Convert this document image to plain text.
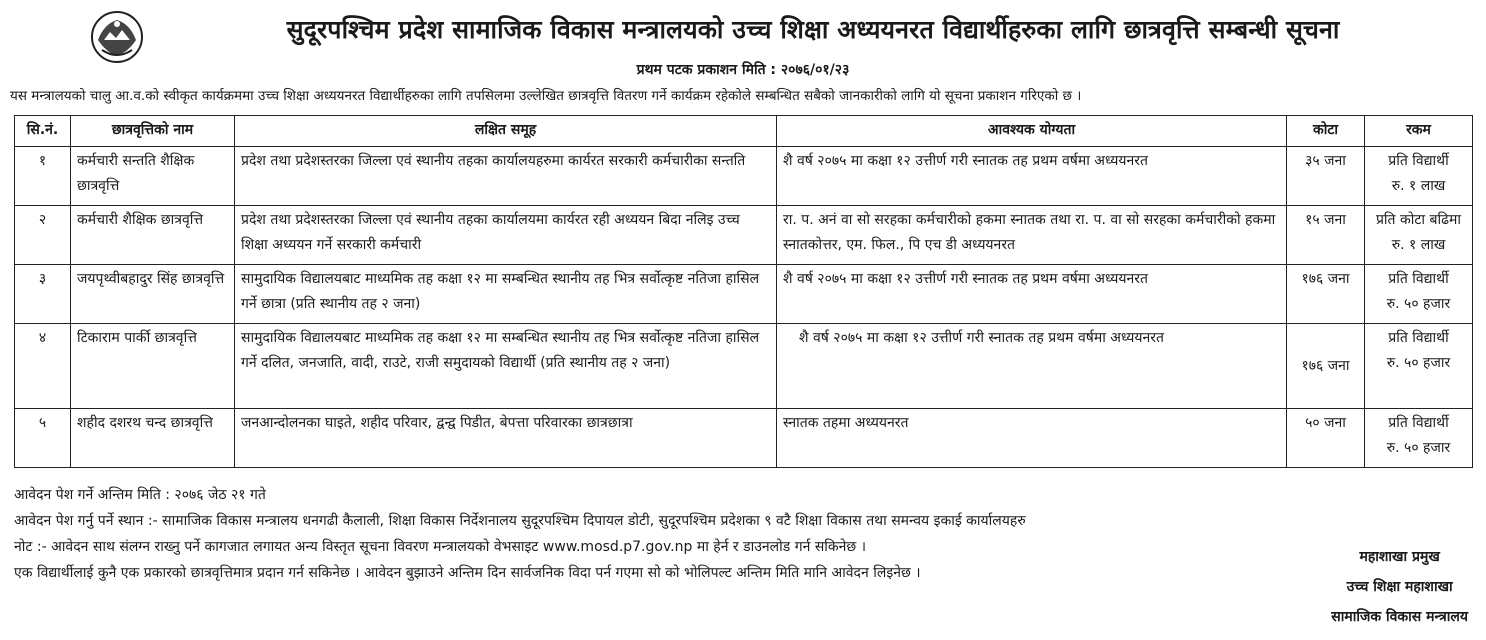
सुदूरपश्चिम प्रदेश सामाजिक विकास मन्त्रालयको उच्च शिक्षा अध्ययनरत विद्यार्थीहरुका लागि छात्रवृत्ति सम्बन्धी सूचना
प्रथम पटक प्रकाशन मिति : २०७६/०१/२३
यस मन्त्रालयको चालु आ.व.को स्वीकृत कार्यक्रममा उच्च शिक्षा अध्ययनरत विद्यार्थीहरुका लागि तपसिलमा उल्लेखित छात्रवृत्ति वितरण गर्ने कार्यक्रम रहेकोले सम्बन्धित सबैको जानकारीको लागि यो सूचना प्रकाशन गरिएको छ ।
सि.नं.	छात्रवृत्तिको नाम	लक्षित समूह	आवश्यक योग्यता	कोटा	रकम
१	कर्मचारी सन्तति शैक्षिक छात्रवृत्ति	प्रदेश तथा प्रदेशस्तरका जिल्ला एवं स्थानीय तहका कार्यालयहरुमा कार्यरत सरकारी कर्मचारीका सन्तति	शै वर्ष २०७५ मा कक्षा १२ उत्तीर्ण गरी स्नातक तह प्रथम वर्षमा अध्ययनरत	३५ जना	प्रति विद्यार्थी
रु. १ लाख

२	कर्मचारी शैक्षिक छात्रवृत्ति	प्रदेश तथा प्रदेशस्तरका जिल्ला एवं स्थानीय तहका कार्यालयमा कार्यरत रही अध्ययन बिदा नलिइ उच्च शिक्षा अध्ययन गर्ने सरकारी कर्मचारी	रा. प. अनं वा सो सरहका कर्मचारीको हकमा स्नातक तथा रा. प. वा सो सरहका कर्मचारीको हकमा स्नातकोत्तर, एम. फिल., पि एच डी अध्ययनरत	१५ जना	प्रति कोटा बढिमा
रु. १ लाख

३	जयपृथ्वीबहादुर सिंह छात्रवृत्ति	सामुदायिक विद्यालयबाट माध्यमिक तह कक्षा १२ मा सम्बन्धित स्थानीय तह भित्र सर्वोत्कृष्ट नतिजा हासिल गर्ने छात्रा (प्रति स्थानीय तह २ जना)	शै वर्ष २०७५ मा कक्षा १२ उत्तीर्ण गरी स्नातक तह प्रथम वर्षमा अध्ययनरत	१७६ जना	प्रति विद्यार्थी
रु. ५० हजार

४	टिकाराम पार्की छात्रवृत्ति	सामुदायिक विद्यालयबाट माध्यमिक तह कक्षा १२ मा सम्बन्धित स्थानीय तह भित्र सर्वोत्कृष्ट नतिजा हासिल गर्ने दलित, जनजाति, वादी, राउटे, राजी समुदायको विद्यार्थी (प्रति स्थानीय तह २ जना)	शै वर्ष २०७५ मा कक्षा १२ उत्तीर्ण गरी स्नातक तह प्रथम वर्षमा अध्ययनरत	१७६ जना	प्रति विद्यार्थी
रु. ५० हजार

५	शहीद दशरथ चन्द छात्रवृत्ति	जनआन्दोलनका घाइते, शहीद परिवार, द्वन्द्व पिडीत, बेपत्ता परिवारका छात्रछात्रा	स्नातक तहमा अध्ययनरत	५० जना	प्रति विद्यार्थी
रु. ५० हजार
आवेदन पेश गर्ने अन्तिम मिति : २०७६ जेठ २१ गते
आवेदन पेश गर्नु पर्ने स्थान :- सामाजिक विकास मन्त्रालय धनगढी कैलाली, शिक्षा विकास निर्देशनालय सुदूरपश्चिम दिपायल डोटी, सुदूरपश्चिम प्रदेशका ९ वटै शिक्षा विकास तथा समन्वय इकाई कार्यालयहरु
नोट :- आवेदन साथ संलग्न राख्नु पर्ने कागजात लगायत अन्य विस्तृत सूचना विवरण मन्त्रालयको वेभसाइट www.mosd.p7.gov.np मा हेर्न र डाउनलोड गर्न सकिनेछ ।
एक विद्यार्थीलाई कुनै एक प्रकारको छात्रवृत्तिमात्र प्रदान गर्न सकिनेछ । आवेदन बुझाउने अन्तिम दिन सार्वजनिक विदा पर्न गएमा सो को भोलिपल्ट अन्तिम मिति मानि आवेदन लिइनेछ ।
महाशाखा प्रमुख
उच्च शिक्षा महाशाखा
सामाजिक विकास मन्त्रालय
